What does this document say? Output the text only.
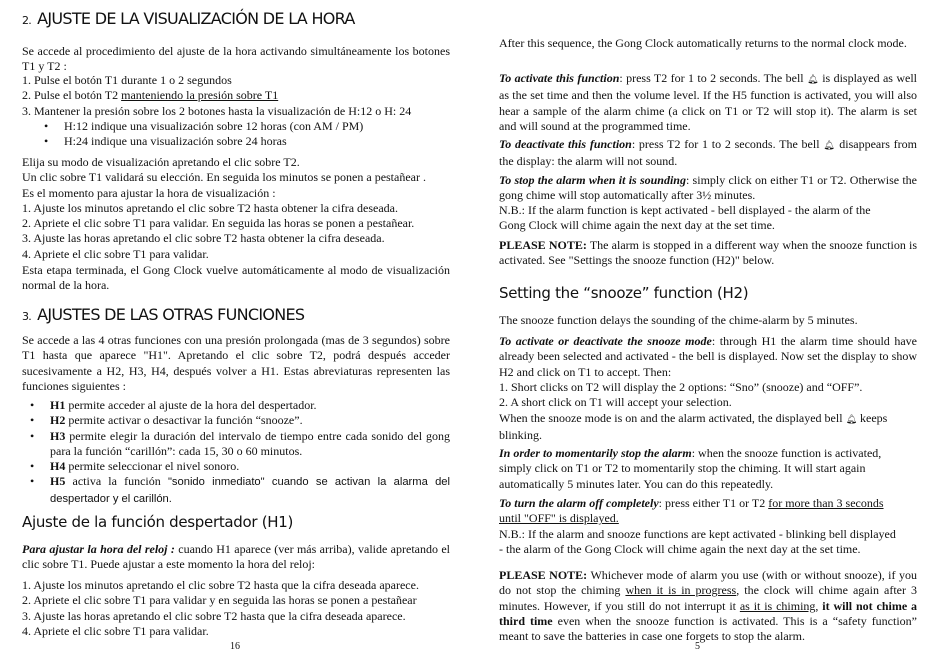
2. AJUSTE DE LA VISUALIZACIÓN DE LA HORA
Se accede al procedimiento del ajuste de la hora activando simultáneamente los botones T1 y T2 :
1. Pulse el botón T1 durante 1 o 2 segundos
2. Pulse el botón T2 manteniendo la presión sobre T1
3. Mantener la presión sobre los 2 botones hasta la visualización de H:12 o H: 24
• H:12 indique una visualización sobre 12 horas (con AM / PM)
• H:24 indique una visualización sobre 24 horas
Elija su modo de visualización apretando el clic sobre T2.
Un clic sobre T1 validará su elección. En seguida los minutos se ponen a pestañear .
Es el momento para ajustar la hora de visualización :
1. Ajuste los minutos apretando el clic sobre T2 hasta obtener la cifra deseada.
2. Apriete el clic sobre T1 para validar. En seguida las horas se ponen a pestañear.
3. Ajuste las horas apretando el clic sobre T2 hasta obtener la cifra deseada.
4. Apriete el clic sobre T1 para validar.
Esta etapa terminada, el Gong Clock vuelve automáticamente al modo de visualización normal de la hora.
3. AJUSTES DE LAS OTRAS FUNCIONES
Se accede a las 4 otras funciones con una presión prolongada (mas de 3 segundos) sobre T1 hasta que aparece "H1". Apretando el clic sobre T2, podrá después acceder sucesivamente a H2, H3, H4, después volver a H1. Estas abreviaturas representen las funciones siguientes :
• H1 permite acceder al ajuste de la hora del despertador.
• H2 permite activar o desactivar la función “snooze”.
• H3 permite elegir la duración del intervalo de tiempo entre cada sonido del gong para la función “carillón”: cada 15, 30 o 60 minutos.
• H4 permite seleccionar el nivel sonoro.
• H5 activa la función "sonido inmediato" cuando se activan la alarma del despertador y el carillón.
Ajuste de la función despertador (H1)
Para ajustar la hora del reloj : cuando H1 aparece (ver más arriba), valide apretando el clic sobre T1. Puede ajustar a este momento la hora del reloj:
1. Ajuste los minutos apretando el clic sobre T2 hasta que la cifra deseada aparece.
2. Apriete el clic sobre T1 para validar y en seguida las horas se ponen a pestañear
3. Ajuste las horas apretando el clic sobre T2 hasta que la cifra deseada aparece.
4. Apriete el clic sobre T1 para validar.
16
After this sequence, the Gong Clock automatically returns to the normal clock mode.
To activate this function: press T2 for 1 to 2 seconds. The bell 🔔︎ is displayed as well as the set time and then the volume level. If the H5 function is activated, you will also hear a sample of the alarm chime (a click on T1 or T2 will stop it). The alarm is set and will sound at the programmed time.
To deactivate this function: press T2 for 1 to 2 seconds. The bell 🔔︎ disappears from the display: the alarm will not sound.
To stop the alarm when it is sounding: simply click on either T1 or T2. Otherwise the gong chime will stop automatically after 3½ minutes.
N.B.: If the alarm function is kept activated - bell displayed - the alarm of the
Gong Clock will chime again the next day at the set time.
PLEASE NOTE: The alarm is stopped in a different way when the snooze function is activated. See "Settings the snooze function (H2)" below.
Setting the “snooze” function (H2)
The snooze function delays the sounding of the chime-alarm by 5 minutes.
To activate or deactivate the snooze mode: through H1 the alarm time should have already been selected and activated - the bell is displayed. Now set the display to show H2 and click on T1 to accept. Then:
1. Short clicks on T2 will display the 2 options: “Sno” (snooze) and “OFF”.
2. A short click on T1 will accept your selection.
When the snooze mode is on and the alarm activated, the displayed bell 🔔︎ keeps
blinking.
In order to momentarily stop the alarm: when the snooze function is activated,
simply click on T1 or T2 to momentarily stop the chiming. It will start again
automatically 5 minutes later. You can do this repeatedly.
To turn the alarm off completely: press either T1 or T2 for more than 3 seconds
until "OFF" is displayed.
N.B.: If the alarm and snooze functions are kept activated - blinking bell displayed
- the alarm of the Gong Clock will chime again the next day at the set time.
PLEASE NOTE: Whichever mode of alarm you use (with or without snooze), if you do not stop the chiming when it is in progress, the clock will chime again after 3 minutes. However, if you still do not interrupt it as it is chiming, it will not chime a third time even when the snooze function is activated. This is a “safety function” meant to save the batteries in case one forgets to stop the alarm.
5
